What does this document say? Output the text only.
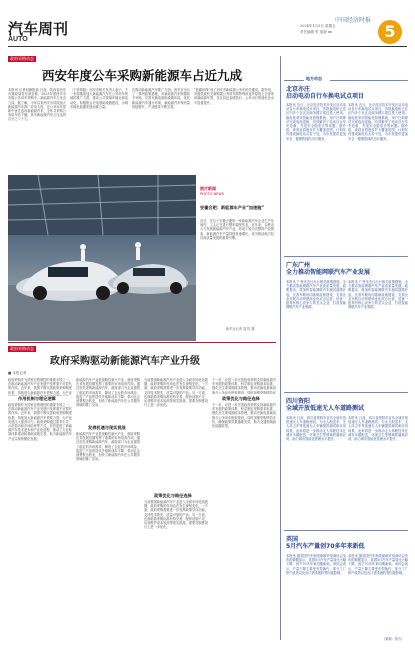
汽车周刊
AUTO
中国经济时报
2024年1月5日 星期五
责任编辑 张 组版 xx	5
政府采购动态
西安年度公车采购新能源车占近九成
本报讯 记者何静报道 日前，陕西省西安市财政局发布消息称，2023年度西安市市级公务用车采购中，新能源汽车占比近九成。据了解，今年以来西安市持续加大新能源汽车推广应用力度，在公务用车更新中优先选用新能源汽车，全年共采购公务用车若干辆，其中新能源汽车占比达到百分之八十九。
（下转第版）西安市相关负责人表示，下一步将继续加大新能源汽车在公务用车领域的推广力度，推动公共领域车辆全面电动化，积极配合充电基础设施建设，为城市绿色低碳发展贡献力量。
在推动新能源汽车推广方面，西安市出台了一系列政策措施，对新能源汽车购置给予补贴，完善充换电基础设施布局，优化新能源汽车通行环境，新能源汽车保有量持续增长，产业链条不断完善。
“低碳环保”成了西安市新能源公务车的关键词。据介绍，市级党政机关新购置公务用车除特殊用途外原则上全部采用新能源车型，各区县也参照执行，公务出行的绿色化水平显著提升。
图片新闻
PHOTO NEWS
安徽合肥：新能源车产业“加速跑”
近日，在位于安徽合肥的一家新能源汽车企业生产车间内，工人正在进行整车装配作业。近年来，合肥市大力发展新能源汽车产业，形成了较为完整的产业链条，新能源汽车产量持续快速增长，成为推动地方经济高质量发展的重要引擎。
新华社记者 周 牧 摄
政府采购动态
政府采购驱动新能源汽车产业升级
■ 本报记者
作用机制与理论逻辑
政府采购作为国家宏观调控的重要手段之一，在推动新能源汽车产业发展中发挥着不可替代的作用。近年来，我国不断完善政府采购制度体系，持续加大新能源汽车采购力度，为产业
政府采购作为国家宏观调控的重要手段之一，在推动新能源汽车产业发展中发挥着不可替代的作用。近年来，我国不断完善政府采购制度体系，持续加大新能源汽车采购力度，为产业发展注入强劲动力。政府采购通过需求引导、示范带动和市场培育等方式，有效促进了新能源汽车技术进步和产业化进程，推动了行业标准体系建设和基础设施完善，助力新能源汽车产业实现规模化发展。
新能源汽车产业是战略性新兴产业，政府采购在其发展初期发挥了重要的市场培育作用。通过优先采购新能源汽车，政府部门为企业提供了稳定的市场需求，降低了企业的市场风险，促进了产品的迭代升级和成本下降，带动社会消费观念转变，加快了新能源汽车在公共服务领域的推广应用。
发展机遇与现实挑战
新能源汽车产业是战略性新兴产业，政府采购在其发展初期发挥了重要的市场培育作用。通过优先采购新能源汽车，政府部门为企业提供了稳定的市场需求，降低了企业的市场风险，促进了产品的迭代升级和成本下降，带动社会消费观念转变，加快了新能源汽车在公共服务领域的推广应用。
当前我国新能源汽车产业进入全面市场化拓展期，政府采购的作用也在发生深刻变化。一方面，政府采购需要进一步发挥政策导向功能，支持技术领先、质量可靠的产品；另一方面，也面临着采购标准有待完善、配套设施不足、运营维护成本较高等现实挑战，需要在制度设计上进一步优化。
政策优化与路径选择
当前我国新能源汽车产业进入全面市场化拓展期，政府采购的作用也在发生深刻变化。一方面，政府采购需要进一步发挥政策导向功能，支持技术领先、质量可靠的产品；另一方面，也面临着采购标准有待完善、配套设施不足、运营维护成本较高等现实挑战，需要在制度设计上进一步优化。
下一步，应进一步完善政府采购支持新能源汽车发展的政策体系，科学制定采购需求标准，强化全生命周期成本管理，推动充换电基础设施与公务用车配套建设，同时加强采购绩效评
政策优化与路径选择
下一步，应进一步完善政府采购支持新能源汽车发展的政策体系，科学制定采购需求标准，强化全生命周期成本管理，推动充换电基础设施与公务用车配套建设，同时加强采购绩效评价，确保政策效果落地见效，助力交通领域绿色低碳转型。
地方动态
北京亦庄
启动电动自行车换电试点项目
本报讯 近日，北京经济技术开发区启动电动自行车换电试点项目，首批换电柜已在区内多个社区及商务楼宇周边投入使用。换电柜采用智能化管理系统，用户扫码即可完成电池更换，有效解决了电动自行车充电难、充电安全隐患多等问题。据介绍，该项目将逐步扩大覆盖范围，计划年内建成换电站点若干处，为市民提供更加安全、便捷的绿色出行服务。
本报讯 近日，北京经济技术开发区启动电动自行车换电试点项目，首批换电柜已在区内多个社区及商务楼宇周边投入使用。换电柜采用智能化管理系统，用户扫码即可完成电池更换，有效解决了电动自行车充电难、充电安全隐患多等问题。据介绍，该项目将逐步扩大覆盖范围，计划年内建成换电站点若干处，为市民提供更加安全、便捷的绿色出行服务。
广东广州
全力推动智能网联汽车产业发展
本报讯 广州市近日出台相关政策措施，全力推动智能网联汽车产业高质量发展。政策提出，将加快智能网联汽车测试道路开放，完善车路协同基础设施建设，支持企业开展自动驾驶商业化试点运营，培育一批具有核心竞争力的龙头企业，打造智能网联汽车产业集群。
本报讯 广州市近日出台相关政策措施，全力推动智能网联汽车产业高质量发展。政策提出，将加快智能网联汽车测试道路开放，完善车路协同基础设施建设，支持企业开展自动驾驶商业化试点运营，培育一批具有核心竞争力的龙头企业，打造智能网联汽车产业集群。
四川资阳
全域开放低速无人车道路测试
本报讯 日前，四川省资阳市宣布全域开放低速无人车道路测试，为无人配送车、无人环卫车等低速无人车辆提供测试和应用场景。此举将进一步推动无人驾驶技术在城市末端配送、环境卫生等领域的落地应用，助力城市智能化管理水平提升。
本报讯 日前，四川省资阳市宣布全域开放低速无人车道路测试，为无人配送车、无人环卫车等低速无人车辆提供测试和应用场景。此举将进一步推动无人驾驶技术在城市末端配送、环境卫生等领域的落地应用，助力城市智能化管理水平提升。
英国
5月汽车产量创70多年来新低
本报讯 据英国汽车制造商和贸易商协会发布的数据显示，英国5月汽车产量同比大幅下降，创下70多年来同期新低。该协会表示，产量下降主要受车型换代、部分工厂停产改造以及出口需求疲软等因素影响。
本报讯 据英国汽车制造商和贸易商协会发布的数据显示，英国5月汽车产量同比大幅下降，创下70多年来同期新低。该协会表示，产量下降主要受车型换代、部分工厂停产改造以及出口需求疲软等因素影响。
（来源：综合）
